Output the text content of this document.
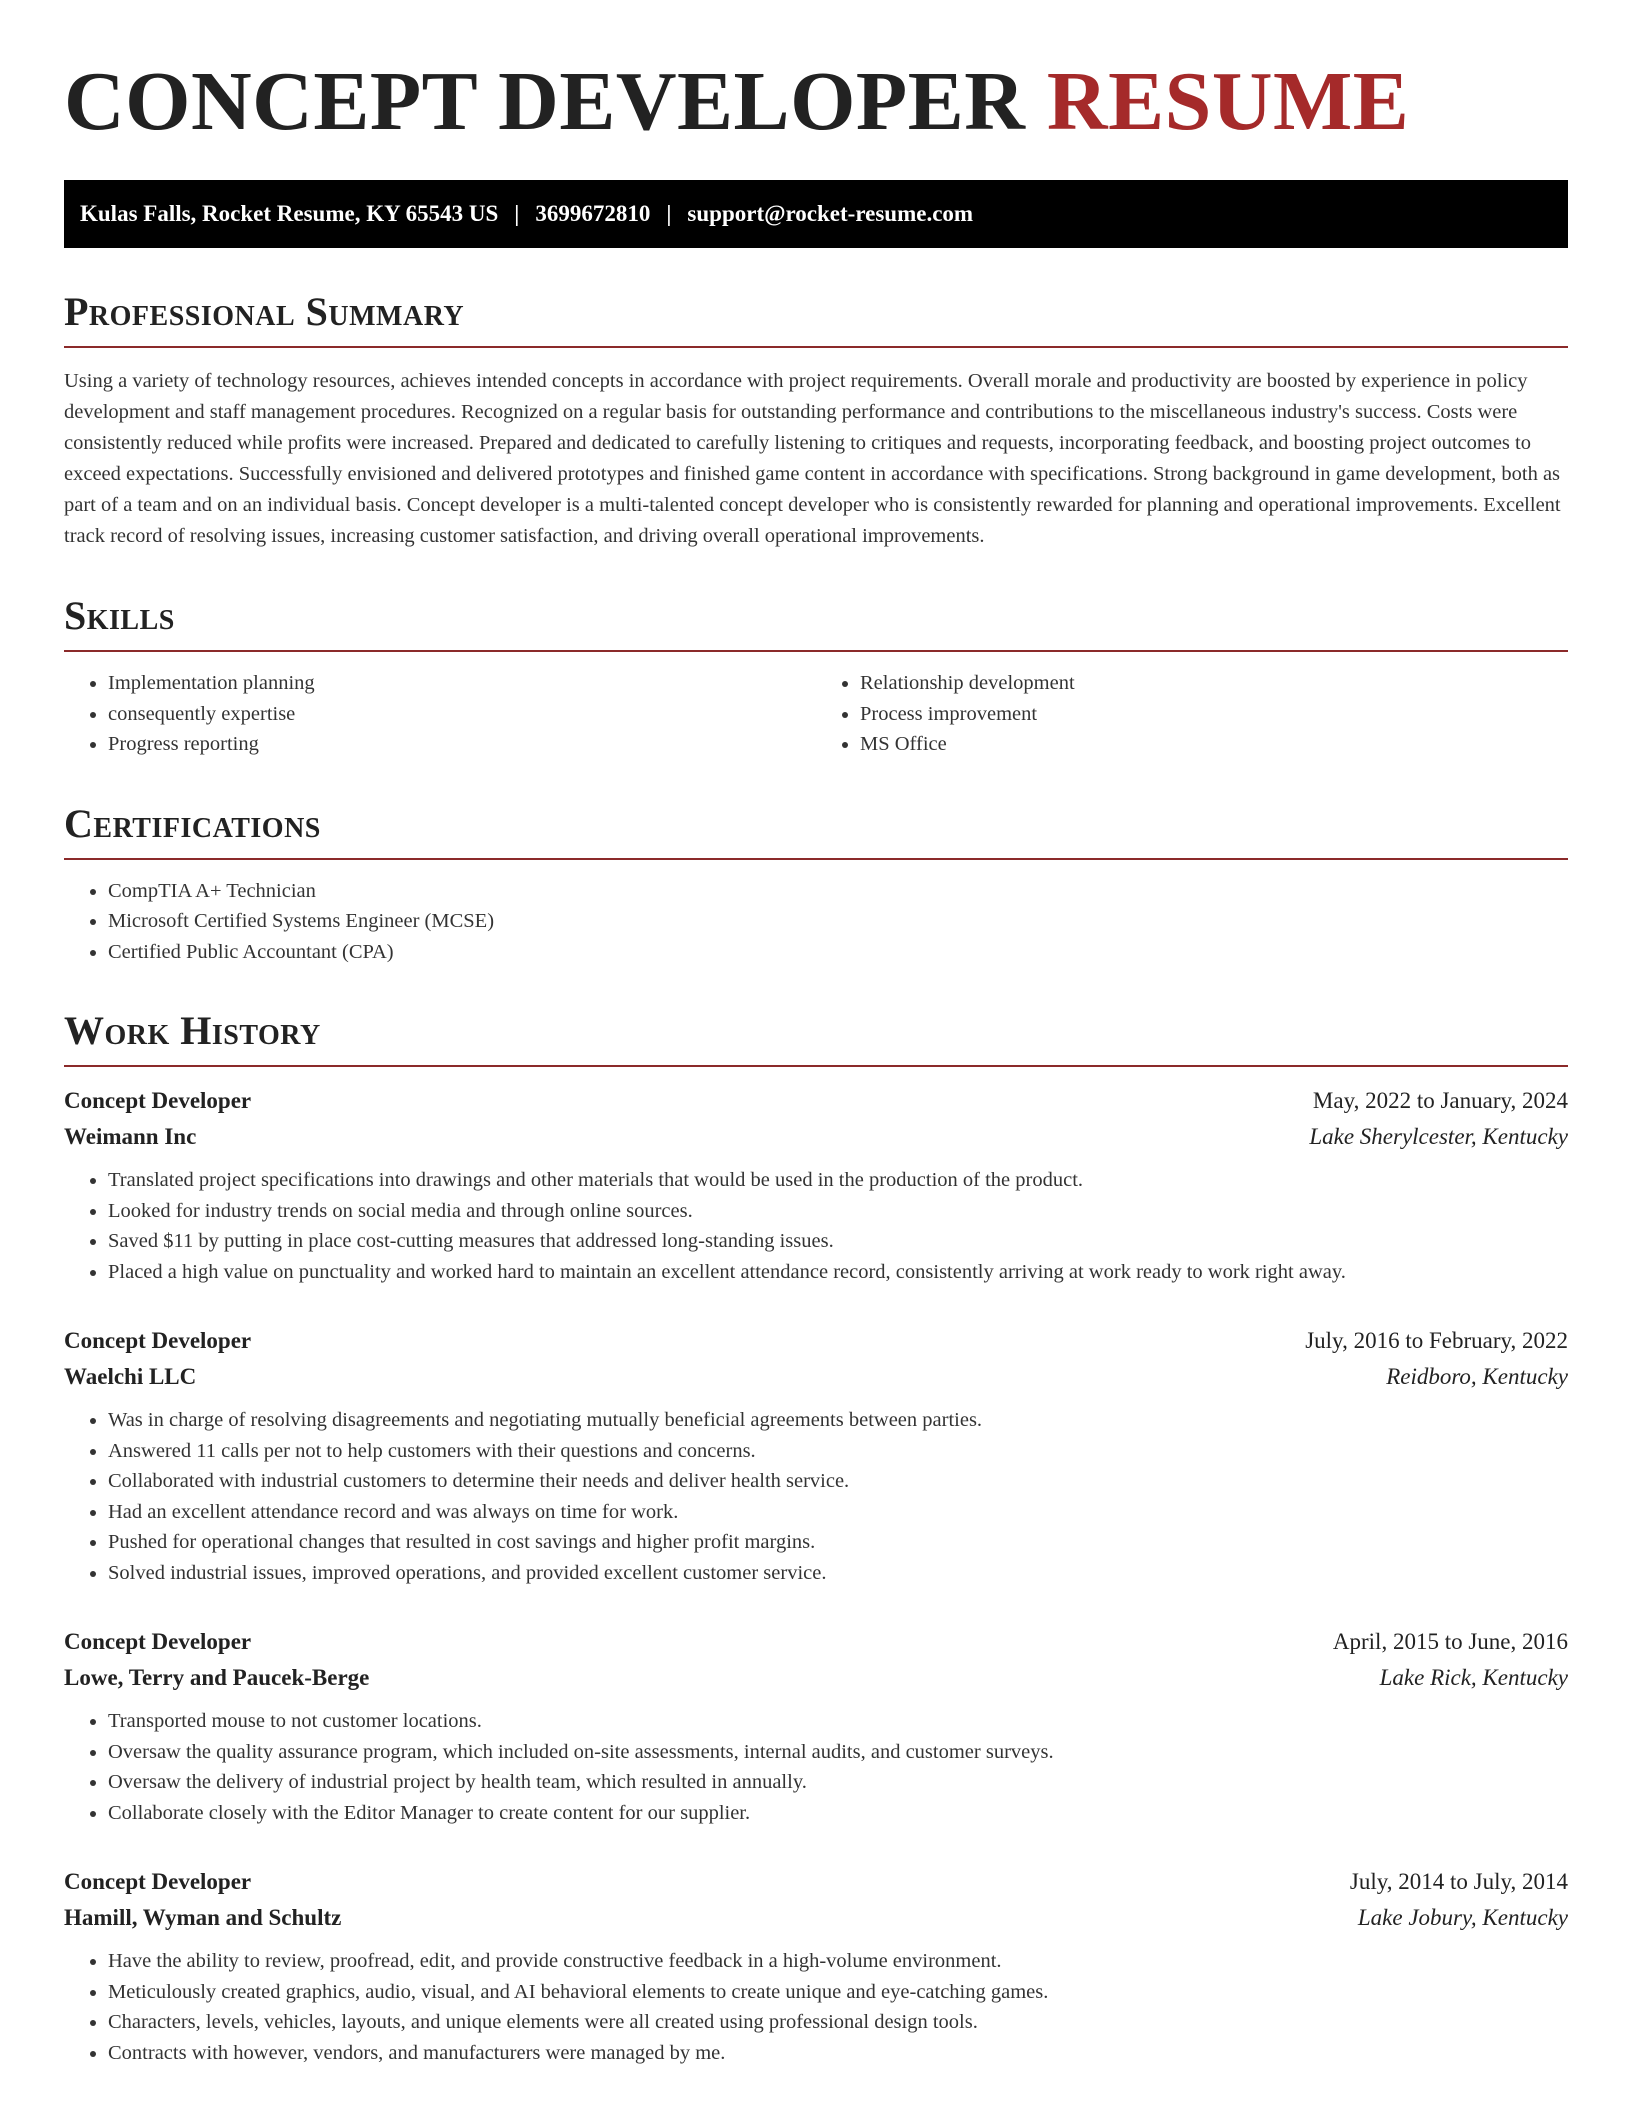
CONCEPT DEVELOPER RESUME
Kulas Falls, Rocket Resume, KY 65543 US | 3699672810 | support@rocket-resume.com
Professional Summary

Using a variety of technology resources, achieves intended concepts in accordance with project requirements. Overall morale and productivity are boosted by experience in policy development and staff management procedures. Recognized on a regular basis for outstanding performance and contributions to the miscellaneous industry's success. Costs were consistently reduced while profits were increased. Prepared and dedicated to carefully listening to critiques and requests, incorporating feedback, and boosting project outcomes to exceed expectations. Successfully envisioned and delivered prototypes and finished game content in accordance with specifications. Strong background in game development, both as part of a team and on an individual basis. Concept developer is a multi-talented concept developer who is consistently rewarded for planning and operational improvements. Excellent track record of resolving issues, increasing customer satisfaction, and driving overall operational improvements.

Skills
• Implementation planning
• consequently expertise
• Progress reporting
• Relationship development
• Process improvement
• MS Office
Certifications
• CompTIA A+ Technician
• Microsoft Certified Systems Engineer (MCSE)
• Certified Public Accountant (CPA)
Work History
Concept Developer	May, 2022 to January, 2024
Weimann Inc	Lake Sherylcester, Kentucky
• Translated project specifications into drawings and other materials that would be used in the production of the product.
• Looked for industry trends on social media and through online sources.
• Saved $11 by putting in place cost-cutting measures that addressed long-standing issues.
• Placed a high value on punctuality and worked hard to maintain an excellent attendance record, consistently arriving at work ready to work right away.
Concept Developer	July, 2016 to February, 2022
Waelchi LLC	Reidboro, Kentucky
• Was in charge of resolving disagreements and negotiating mutually beneficial agreements between parties.
• Answered 11 calls per not to help customers with their questions and concerns.
• Collaborated with industrial customers to determine their needs and deliver health service.
• Had an excellent attendance record and was always on time for work.
• Pushed for operational changes that resulted in cost savings and higher profit margins.
• Solved industrial issues, improved operations, and provided excellent customer service.
Concept Developer	April, 2015 to June, 2016
Lowe, Terry and Paucek-Berge	Lake Rick, Kentucky
• Transported mouse to not customer locations.
• Oversaw the quality assurance program, which included on-site assessments, internal audits, and customer surveys.
• Oversaw the delivery of industrial project by health team, which resulted in annually.
• Collaborate closely with the Editor Manager to create content for our supplier.
Concept Developer	July, 2014 to July, 2014
Hamill, Wyman and Schultz	Lake Jobury, Kentucky
• Have the ability to review, proofread, edit, and provide constructive feedback in a high-volume environment.
• Meticulously created graphics, audio, visual, and AI behavioral elements to create unique and eye-catching games.
• Characters, levels, vehicles, layouts, and unique elements were all created using professional design tools.
• Contracts with however, vendors, and manufacturers were managed by me.
